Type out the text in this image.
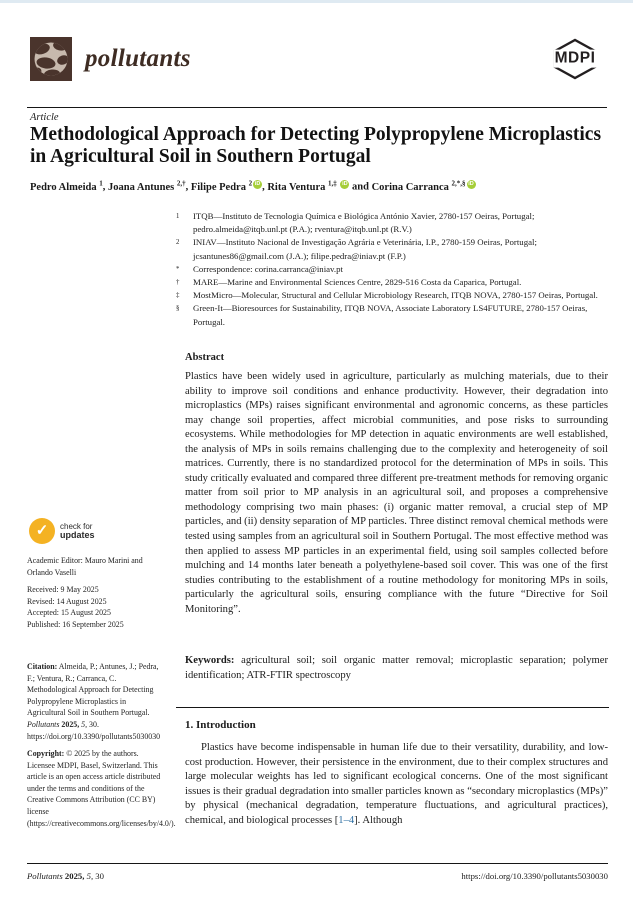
pollutants	MDPI
Article
Methodological Approach for Detecting Polypropylene Microplastics in Agricultural Soil in Southern Portugal
Pedro Almeida $^1$, Joana Antunes $^{2,\dagger}$, Filipe Pedra $^2$ iD , Rita Ventura $^{1,\ddagger}$ iD and Corina Carranca $^{2,*,\S}$ iD
1	ITQB—Instituto de Tecnologia Química e Biológica António Xavier, 2780-157 Oeiras, Portugal; pedro.almeida@itqb.unl.pt (P.A.); rventura@itqb.unl.pt (R.V.)
2	INIAV—Instituto Nacional de Investigação Agrária e Veterinária, I.P., 2780-159 Oeiras, Portugal; jcsantunes86@gmail.com (J.A.); filipe.pedra@iniav.pt (F.P.)
*	Correspondence: corina.carranca@iniav.pt
†	MARE—Marine and Environmental Sciences Centre, 2829-516 Costa da Caparica, Portugal.
‡	MostMicro—Molecular, Structural and Cellular Microbiology Research, ITQB NOVA, 2780-157 Oeiras, Portugal.
§	Green-It—Bioresources for Sustainability, ITQB NOVA, Associate Laboratory LS4FUTURE, 2780-157 Oeiras, Portugal.
Abstract
Plastics have been widely used in agriculture, particularly as mulching materials, due to their ability to improve soil conditions and enhance productivity. However, their degradation into microplastics (MPs) raises significant environmental and agronomic concerns, as these particles may change soil properties, affect microbial communities, and pose risks to surrounding ecosystems. While methodologies for MP detection in aquatic environments are well established, the analysis of MPs in soils remains challenging due to the complexity and heterogeneity of soil matrices. Currently, there is no standardized protocol for the determination of MPs in soils. This study critically evaluated and compared three different pre-treatment methods for removing organic matter from soil prior to MP analysis in an agricultural soil, and proposes a comprehensive methodology comprising two main phases: (i) organic matter removal, a crucial step of MP particles, and (ii) density separation of MP particles. Three distinct removal chemical methods were tested using samples from an agricultural soil in Southern Portugal. The most effective method was then applied to assess MP particles in an experimental field, using soil samples collected before mulching and 14 months later beneath a polyethylene-based soil cover. This was one of the first studies contributing to the establishment of a routine methodology for monitoring MPs in soils, particularly the agricultural soils, ensuring compliance with the future “Directive for Soil Monitoring”.
Keywords: agricultural soil; soil organic matter removal; microplastic separation; polymer identification; ATR-FTIR spectroscopy
1. Introduction
Plastics have become indispensable in human life due to their versatility, durability, and low-cost production. However, their persistence in the environment, due to their complex structures and large molecular weights has led to significant ecological concerns. One of the most significant issues is their gradual degradation into smaller particles known as “secondary microplastics (MPs)” by physical (mechanical degradation, temperature fluctuations, and agricultural practices), chemical, and biological processes [1–4]. Although
✓ check for
updates
Academic Editor: Mauro Marini and Orlando Vaselli
Received: 9 May 2025
Revised: 14 August 2025
Accepted: 15 August 2025
Published: 16 September 2025
Citation: Almeida, P.; Antunes, J.; Pedra, F.; Ventura, R.; Carranca, C. Methodological Approach for Detecting Polypropylene Microplastics in Agricultural Soil in Southern Portugal. Pollutants 2025, 5, 30. https://doi.org/10.3390/pollutants5030030
Copyright: © 2025 by the authors. Licensee MDPI, Basel, Switzerland. This article is an open access article distributed under the terms and conditions of the Creative Commons Attribution (CC BY) license (https://creativecommons.org/licenses/by/4.0/).
Pollutants 2025, 5, 30	https://doi.org/10.3390/pollutants5030030
